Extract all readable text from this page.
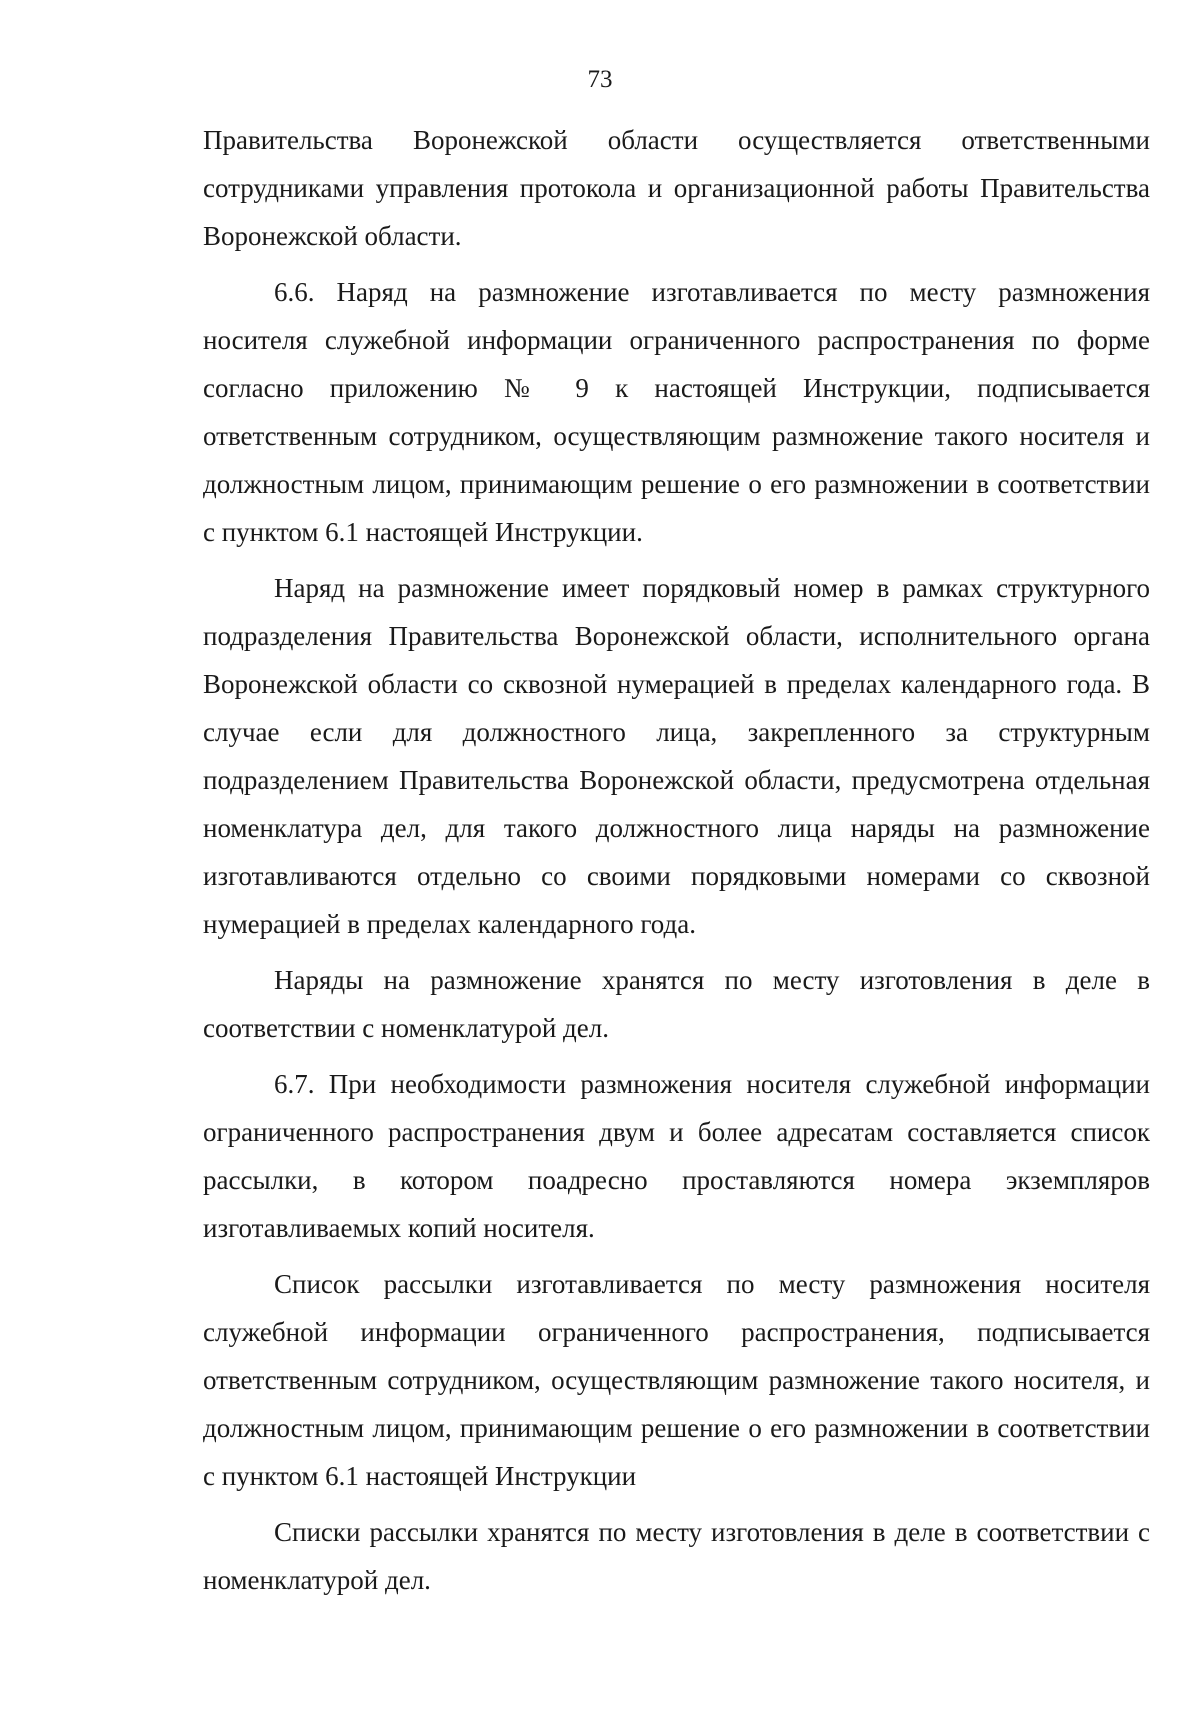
73

Правительства Воронежской области осуществляется ответственными сотрудниками управления протокола и организационной работы Правительства Воронежской области.

6.6. Наряд на размножение изготавливается по месту размножения носителя служебной информации ограниченного распространения по форме согласно приложению № 9 к настоящей Инструкции, подписывается ответственным сотрудником, осуществляющим размножение такого носителя и должностным лицом, принимающим решение о его размножении в соответствии с пунктом 6.1 настоящей Инструкции.

Наряд на размножение имеет порядковый номер в рамках структурного подразделения Правительства Воронежской области, исполнительного органа Воронежской области со сквозной нумерацией в пределах календарного года. В случае если для должностного лица, закрепленного за структурным подразделением Правительства Воронежской области, предусмотрена отдельная номенклатура дел, для такого должностного лица наряды на размножение изготавливаются отдельно со своими порядковыми номерами со сквозной нумерацией в пределах календарного года.

Наряды на размножение хранятся по месту изготовления в деле в соответствии с номенклатурой дел.

6.7. При необходимости размножения носителя служебной информации ограниченного распространения двум и более адресатам составляется список рассылки, в котором поадресно проставляются номера экземпляров изготавливаемых копий носителя.

Список рассылки изготавливается по месту размножения носителя служебной информации ограниченного распространения, подписывается ответственным сотрудником, осуществляющим размножение такого носителя, и должностным лицом, принимающим решение о его размножении в соответствии с пунктом 6.1 настоящей Инструкции

Списки рассылки хранятся по месту изготовления в деле в соответствии с номенклатурой дел.
